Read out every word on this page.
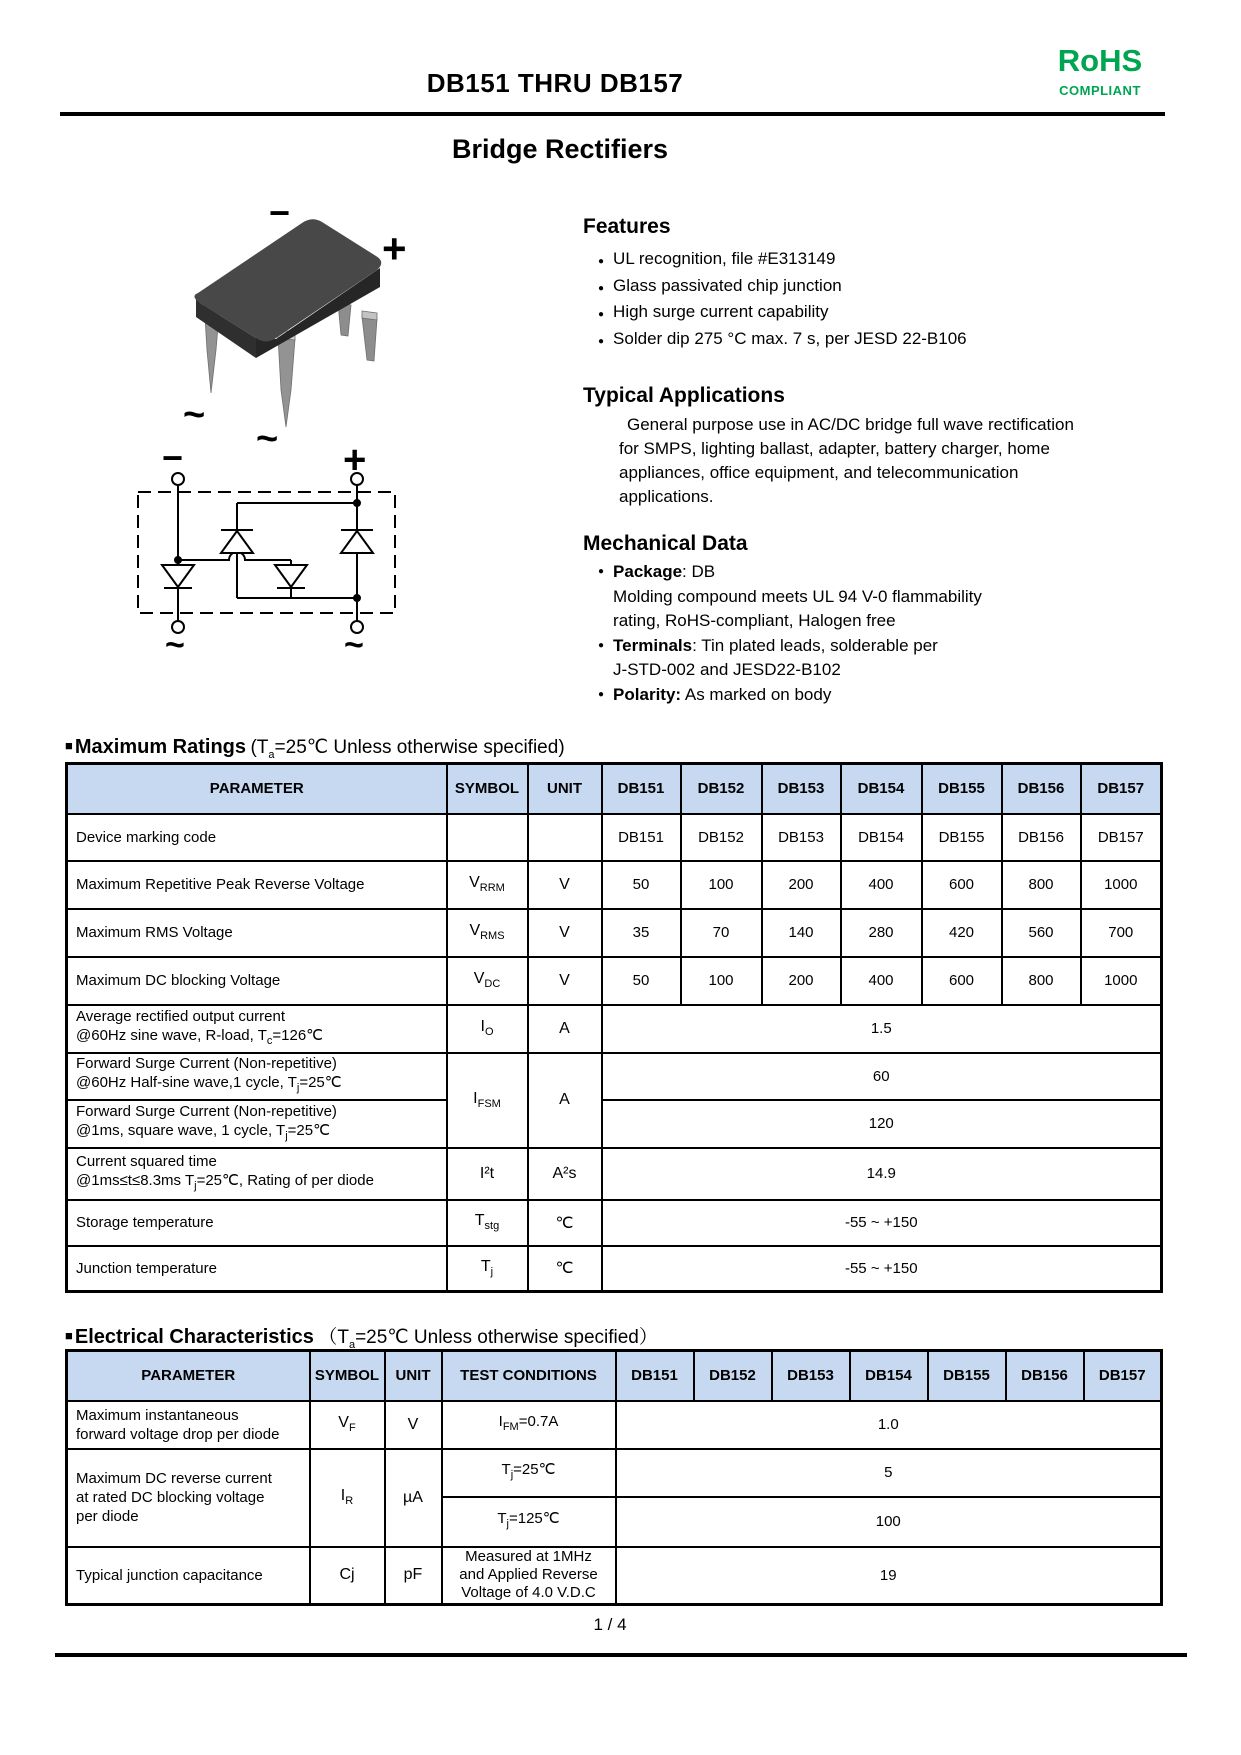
DB151 THRU DB157
RoHS
COMPLIANT
Bridge Rectifiers
−
+
~
~
−	+
~	~
Features
● UL recognition, file #E313149
● Glass passivated chip junction
● High surge current capability
● Solder dip 275 °C max. 7 s, per JESD 22-B106
Typical Applications
General purpose use in AC/DC bridge full wave rectification
for SMPS, lighting ballast, adapter, battery charger, home
appliances, office equipment, and telecommunication
applications.
Mechanical Data
● Package: DB
Molding compound meets UL 94 V-0 flammability
rating, RoHS-compliant, Halogen free
● Terminals: Tin plated leads, solderable per
J-STD-002 and JESD22-B102
● Polarity: As marked on body
■ Maximum Ratings ($T_a=25℃$ Unless otherwise specified)
PARAMETER	SYMBOL	UNIT	DB151	DB152	DB153	DB154	DB155	DB156	DB157

Device marking code			DB151	DB152	DB153	DB154	DB155	DB156	DB157

Maximum Repetitive Peak Reverse Voltage	$V_{RRM}$	V	50	100	200	400	600	800	1000

Maximum RMS Voltage	$V_{RMS}$	V	35	70	140	280	420	560	700

Maximum DC blocking Voltage	$V_{DC}$	V	50	100	200	400	600	800	1000

Average rectified output current
@60Hz sine wave, R-load, $T_c=126℃$	$I_O$	A	1.5						

Forward Surge Current (Non-repetitive)
@60Hz Half-sine wave,1 cycle, $T_j=25℃$	$I_{FSM}$	A	60						

Forward Surge Current (Non-repetitive)
@1ms, square wave, 1 cycle, $T_j=25℃$			120						

Current squared time
@1ms≤t≤8.3ms $T_j=25℃$, Rating of per diode	I²t	A²s	14.9						

Storage temperature	$T_{stg}$	℃	-55 ~ +150						

Junction temperature	$T_j$	℃	-55 ~ +150						
■ Electrical Characteristics （$T_a=25℃$ Unless otherwise specified）
PARAMETER	SYMBOL	UNIT	TEST CONDITIONS	DB151	DB152	DB153	DB154	DB155	DB156	DB157

Maximum instantaneous
forward voltage drop per diode	$V_F$	V	$I_{FM}=0.7A$	1.0						

Maximum DC reverse current
at rated DC blocking voltage
per diode	$I_R$	µA	$T_j=25℃$	5						

			$T_j=125℃$	100						

Typical junction capacitance	Cj	pF	Measured at 1MHz
and Applied Reverse
Voltage of 4.0 V.D.C	19						
1 / 4
